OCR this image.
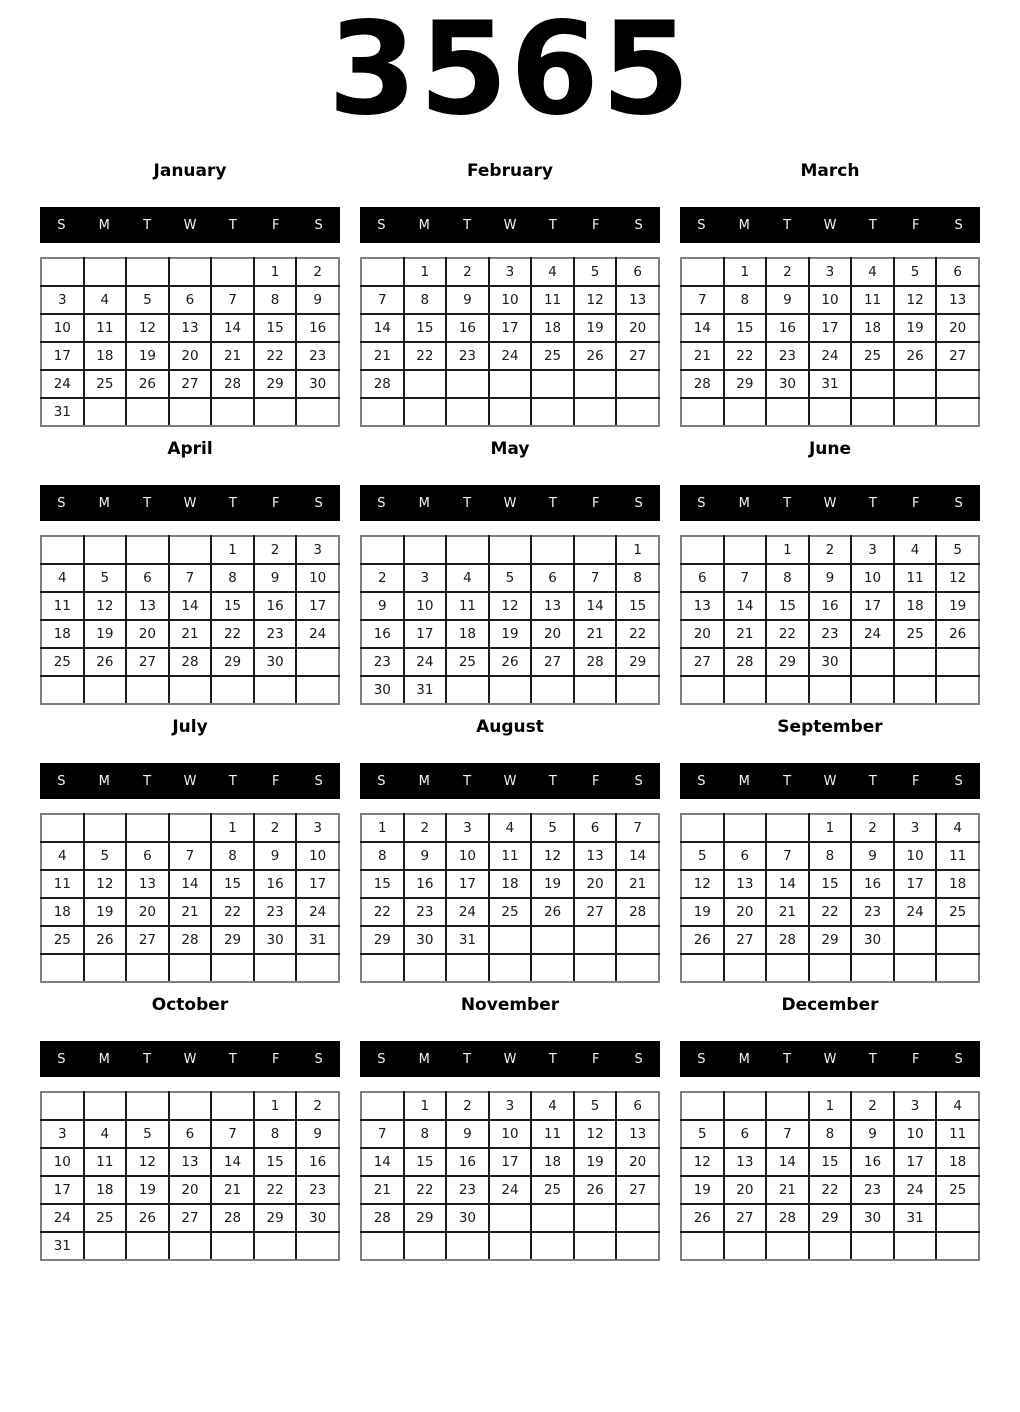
3565
January
S	M	T	W	T	F	S
					1	2
3	4	5	6	7	8	9
10	11	12	13	14	15	16
17	18	19	20	21	22	23
24	25	26	27	28	29	30
31						
February
S	M	T	W	T	F	S
	1	2	3	4	5	6
7	8	9	10	11	12	13
14	15	16	17	18	19	20
21	22	23	24	25	26	27
28						

March
S	M	T	W	T	F	S
	1	2	3	4	5	6
7	8	9	10	11	12	13
14	15	16	17	18	19	20
21	22	23	24	25	26	27
28	29	30	31			

April
S	M	T	W	T	F	S
				1	2	3
4	5	6	7	8	9	10
11	12	13	14	15	16	17
18	19	20	21	22	23	24
25	26	27	28	29	30	

May
S	M	T	W	T	F	S
						1
2	3	4	5	6	7	8
9	10	11	12	13	14	15
16	17	18	19	20	21	22
23	24	25	26	27	28	29
30	31					
June
S	M	T	W	T	F	S
		1	2	3	4	5
6	7	8	9	10	11	12
13	14	15	16	17	18	19
20	21	22	23	24	25	26
27	28	29	30			

July
S	M	T	W	T	F	S
				1	2	3
4	5	6	7	8	9	10
11	12	13	14	15	16	17
18	19	20	21	22	23	24
25	26	27	28	29	30	31

August
S	M	T	W	T	F	S
1	2	3	4	5	6	7
8	9	10	11	12	13	14
15	16	17	18	19	20	21
22	23	24	25	26	27	28
29	30	31				

September
S	M	T	W	T	F	S
			1	2	3	4
5	6	7	8	9	10	11
12	13	14	15	16	17	18
19	20	21	22	23	24	25
26	27	28	29	30		

October
S	M	T	W	T	F	S
					1	2
3	4	5	6	7	8	9
10	11	12	13	14	15	16
17	18	19	20	21	22	23
24	25	26	27	28	29	30
31						
November
S	M	T	W	T	F	S
	1	2	3	4	5	6
7	8	9	10	11	12	13
14	15	16	17	18	19	20
21	22	23	24	25	26	27
28	29	30				

December
S	M	T	W	T	F	S
			1	2	3	4
5	6	7	8	9	10	11
12	13	14	15	16	17	18
19	20	21	22	23	24	25
26	27	28	29	30	31	
